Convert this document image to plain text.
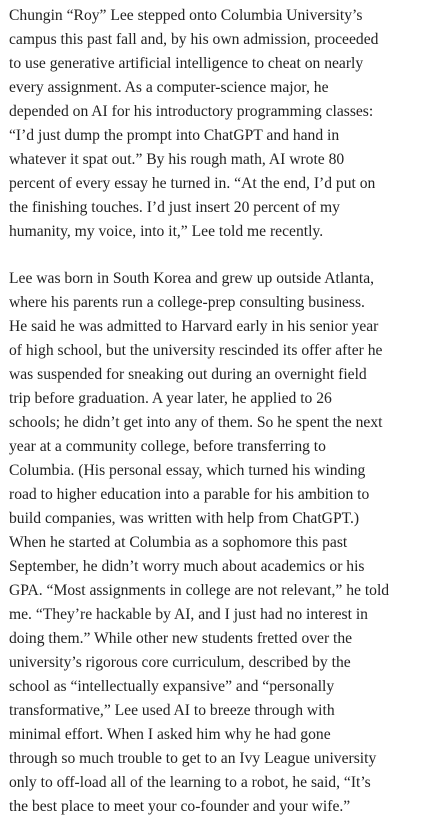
Chungin “Roy” Lee stepped onto Columbia University’s
campus this past fall and, by his own admission, proceeded
to use generative artificial intelligence to cheat on nearly
every assignment. As a computer-science major, he
depended on AI for his introductory programming classes:
“I’d just dump the prompt into ChatGPT and hand in
whatever it spat out.” By his rough math, AI wrote 80
percent of every essay he turned in. “At the end, I’d put on
the finishing touches. I’d just insert 20 percent of my
humanity, my voice, into it,” Lee told me recently.

Lee was born in South Korea and grew up outside Atlanta,
where his parents run a college-prep consulting business.
He said he was admitted to Harvard early in his senior year
of high school, but the university rescinded its offer after he
was suspended for sneaking out during an overnight field
trip before graduation. A year later, he applied to 26
schools; he didn’t get into any of them. So he spent the next
year at a community college, before transferring to
Columbia. (His personal essay, which turned his winding
road to higher education into a parable for his ambition to
build companies, was written with help from ChatGPT.)
When he started at Columbia as a sophomore this past
September, he didn’t worry much about academics or his
GPA. “Most assignments in college are not relevant,” he told
me. “They’re hackable by AI, and I just had no interest in
doing them.” While other new students fretted over the
university’s rigorous core curriculum, described by the
school as “intellectually expansive” and “personally
transformative,” Lee used AI to breeze through with
minimal effort. When I asked him why he had gone
through so much trouble to get to an Ivy League university
only to off-load all of the learning to a robot, he said, “It’s
the best place to meet your co-founder and your wife.”
